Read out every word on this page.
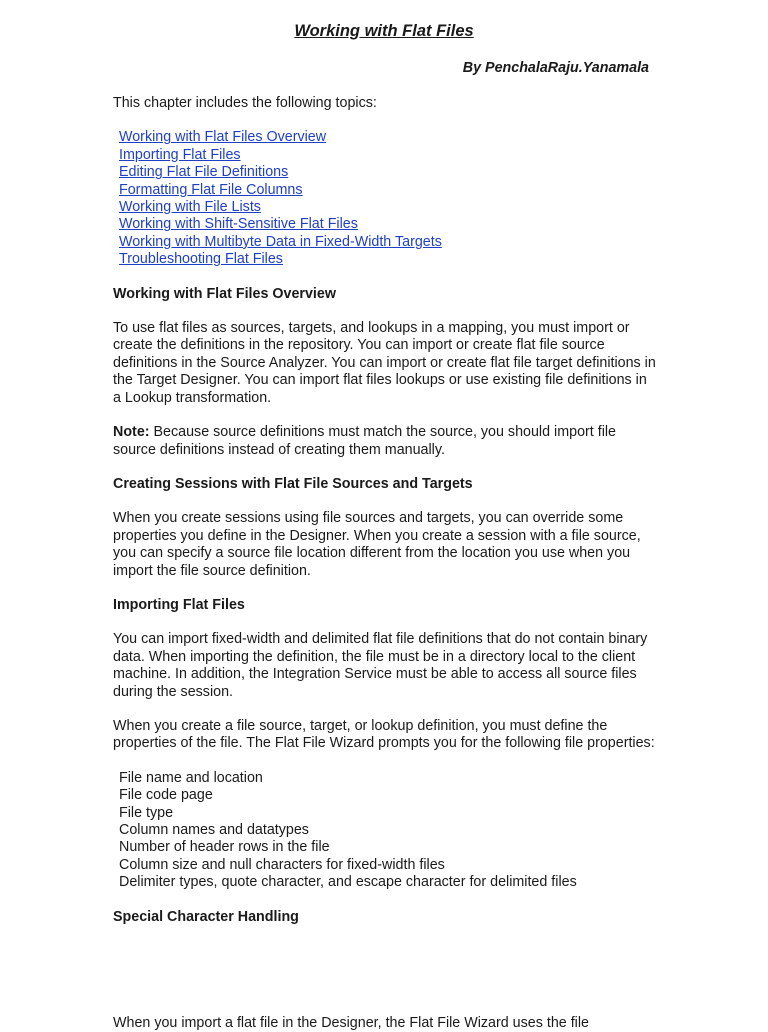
Working with Flat Files

By PenchalaRaju.Yanamala

This chapter includes the following topics:

Working with Flat Files Overview
Importing Flat Files
Editing Flat File Definitions
Formatting Flat File Columns
Working with File Lists
Working with Shift-Sensitive Flat Files
Working with Multibyte Data in Fixed-Width Targets
Troubleshooting Flat Files
Working with Flat Files Overview

To use flat files as sources, targets, and lookups in a mapping, you must import or create the definitions in the repository. You can import or create flat file source definitions in the Source Analyzer. You can import or create flat file target definitions in the Target Designer. You can import flat files lookups or use existing file definitions in a Lookup transformation.

Note: Because source definitions must match the source, you should import file source definitions instead of creating them manually.

Creating Sessions with Flat File Sources and Targets

When you create sessions using file sources and targets, you can override some properties you define in the Designer. When you create a session with a file source, you can specify a source file location different from the location you use when you import the file source definition.

Importing Flat Files

You can import fixed-width and delimited flat file definitions that do not contain binary data. When importing the definition, the file must be in a directory local to the client machine. In addition, the Integration Service must be able to access all source files during the session.

When you create a file source, target, or lookup definition, you must define the properties of the file. The Flat File Wizard prompts you for the following file properties:

File name and location
File code page
File type
Column names and datatypes
Number of header rows in the file
Column size and null characters for fixed-width files
Delimiter types, quote character, and escape character for delimited files
Special Character Handling

When you import a flat file in the Designer, the Flat File Wizard uses the file
